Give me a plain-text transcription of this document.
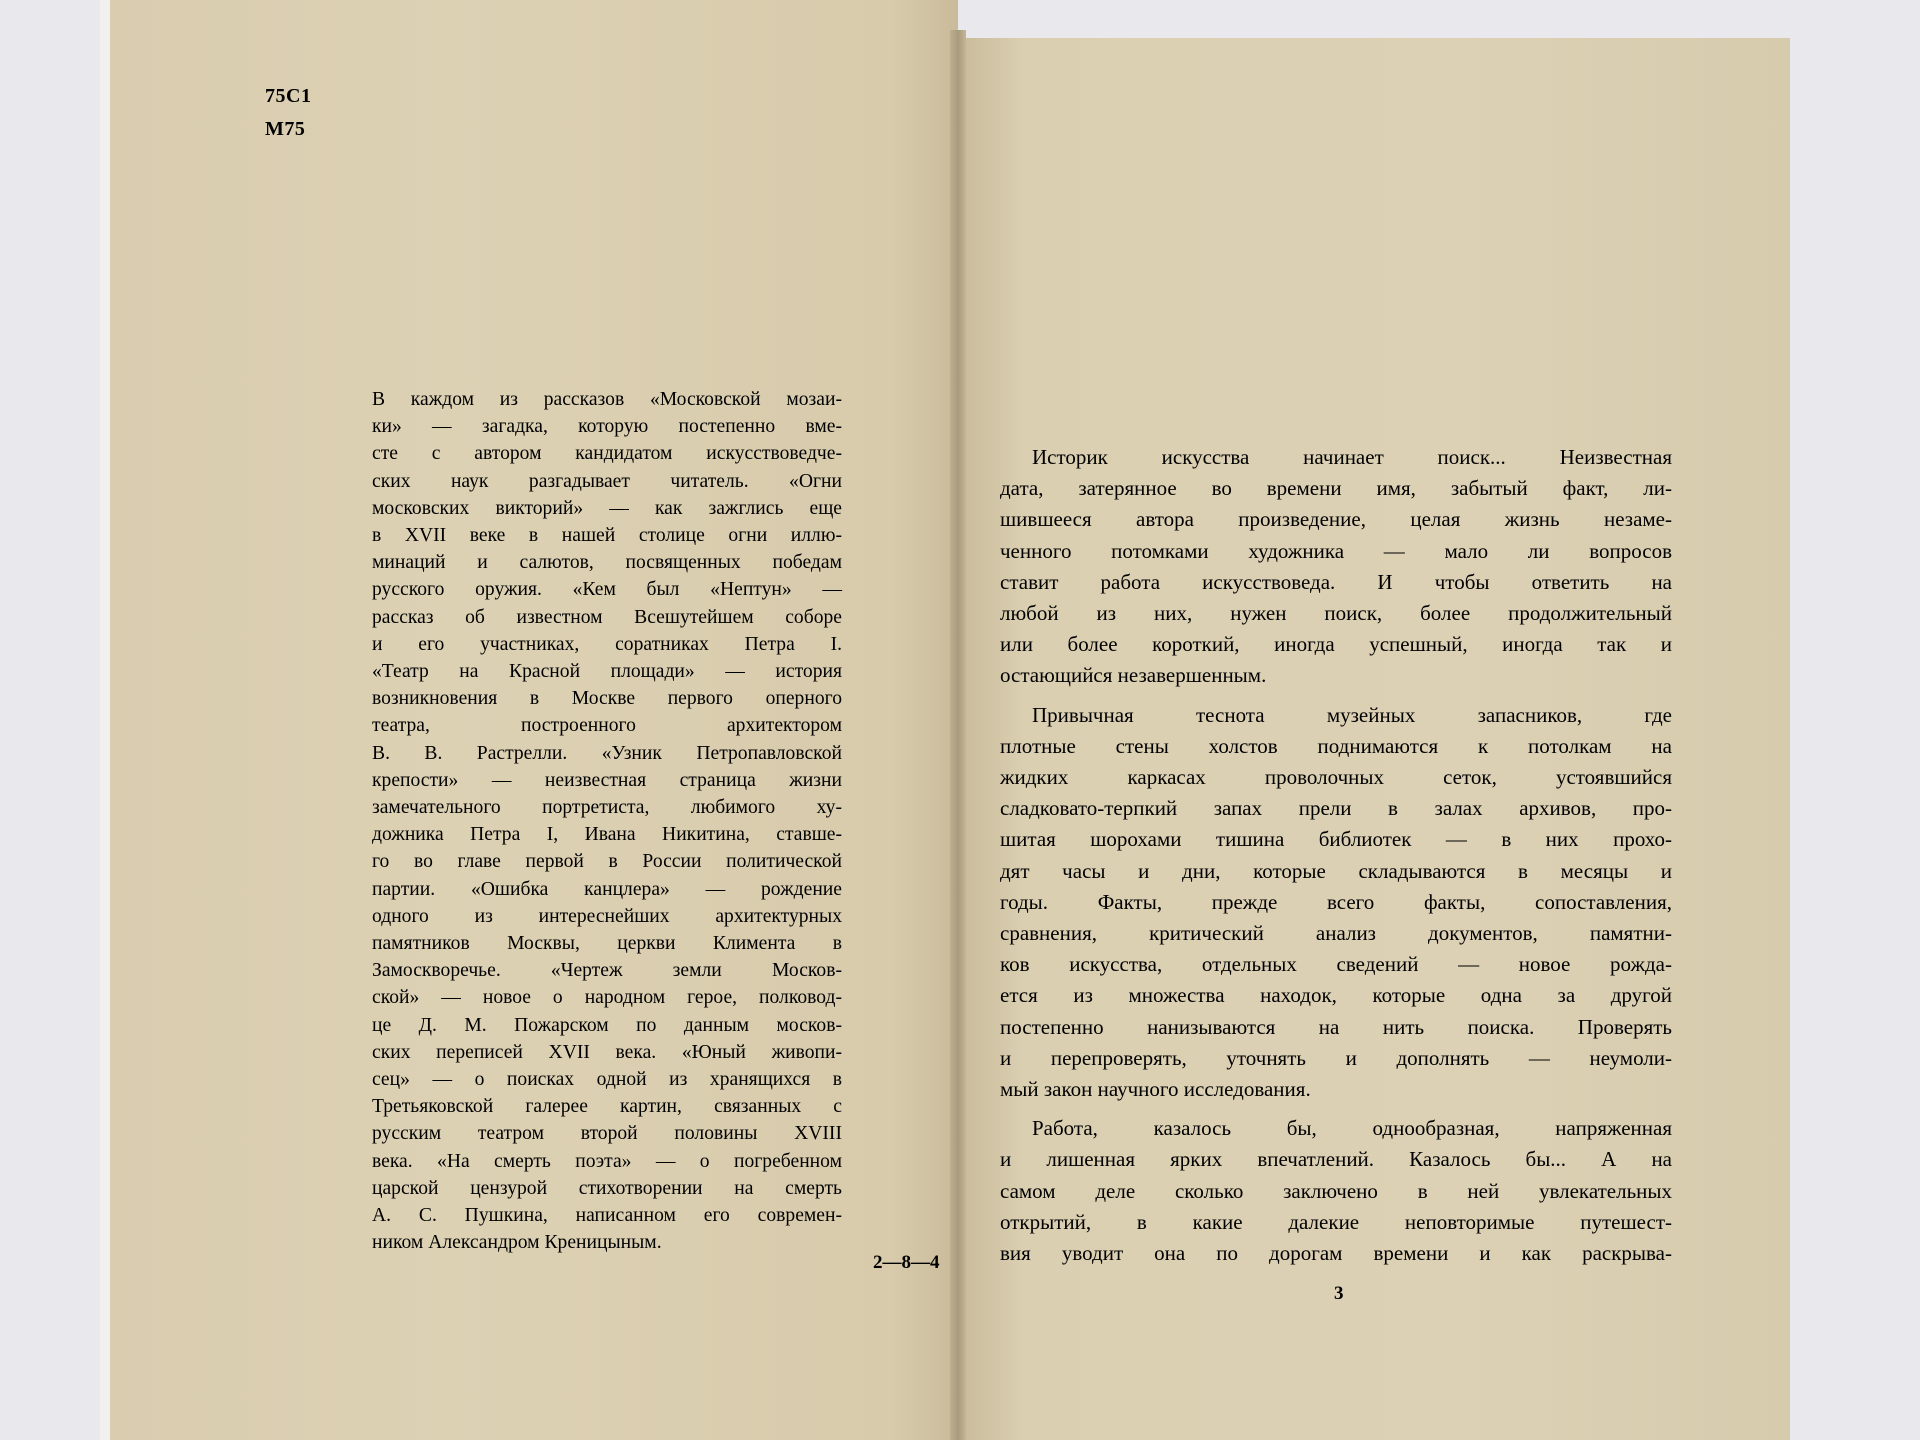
75С1
М75
В каждом из рассказов «Московской мозаи-
ки» — загадка, которую постепенно вме-
сте с автором кандидатом искусствоведче-
ских наук разгадывает читатель. «Огни
московских викторий» — как зажглись еще
в XVII веке в нашей столице огни иллю-
минаций и салютов, посвященных победам
русского оружия. «Кем был «Нептун» —
рассказ об известном Всешутейшем соборе
и его участниках, соратниках Петра I.
«Театр на Красной площади» — история
возникновения в Москве первого оперного
театра, построенного архитектором
В. В. Растрелли. «Узник Петропавловской
крепости» — неизвестная страница жизни
замечательного портретиста, любимого ху-
дожника Петра I, Ивана Никитина, ставше-
го во главе первой в России политической
партии. «Ошибка канцлера» — рождение
одного из интереснейших архитектурных
памятников Москвы, церкви Климента в
Замоскворечье. «Чертеж земли Москов-
ской» — новое о народном герое, полковод-
це Д. М. Пожарском по данным москов-
ских переписей XVII века. «Юный живопи-
сец» — о поисках одной из хранящихся в
Третьяковской галерее картин, связанных с
русским театром второй половины XVIII
века. «На смерть поэта» — о погребенном
царской цензурой стихотворении на смерть
А. С. Пушкина, написанном его современ-
ником Александром Креницыным.
2—8—4
Историк искусства начинает поиск... Неизвестная
дата, затерянное во времени имя, забытый факт, ли-
шившееся автора произведение, целая жизнь незаме-
ченного потомками художника — мало ли вопросов
ставит работа искусствоведа. И чтобы ответить на
любой из них, нужен поиск, более продолжительный
или более короткий, иногда успешный, иногда так и
остающийся незавершенным.
Привычная теснота музейных запасников, где
плотные стены холстов поднимаются к потолкам на
жидких каркасах проволочных сеток, устоявшийся
сладковато-терпкий запах прели в залах архивов, про-
шитая шорохами тишина библиотек — в них прохо-
дят часы и дни, которые складываются в месяцы и
годы. Факты, прежде всего факты, сопоставления,
сравнения, критический анализ документов, памятни-
ков искусства, отдельных сведений — новое рожда-
ется из множества находок, которые одна за другой
постепенно нанизываются на нить поиска. Проверять
и перепроверять, уточнять и дополнять — неумоли-
мый закон научного исследования.
Работа, казалось бы, однообразная, напряженная
и лишенная ярких впечатлений. Казалось бы... А на
самом деле сколько заключено в ней увлекательных
открытий, в какие далекие неповторимые путешест-
вия уводит она по дорогам времени и как раскрыва-
3
